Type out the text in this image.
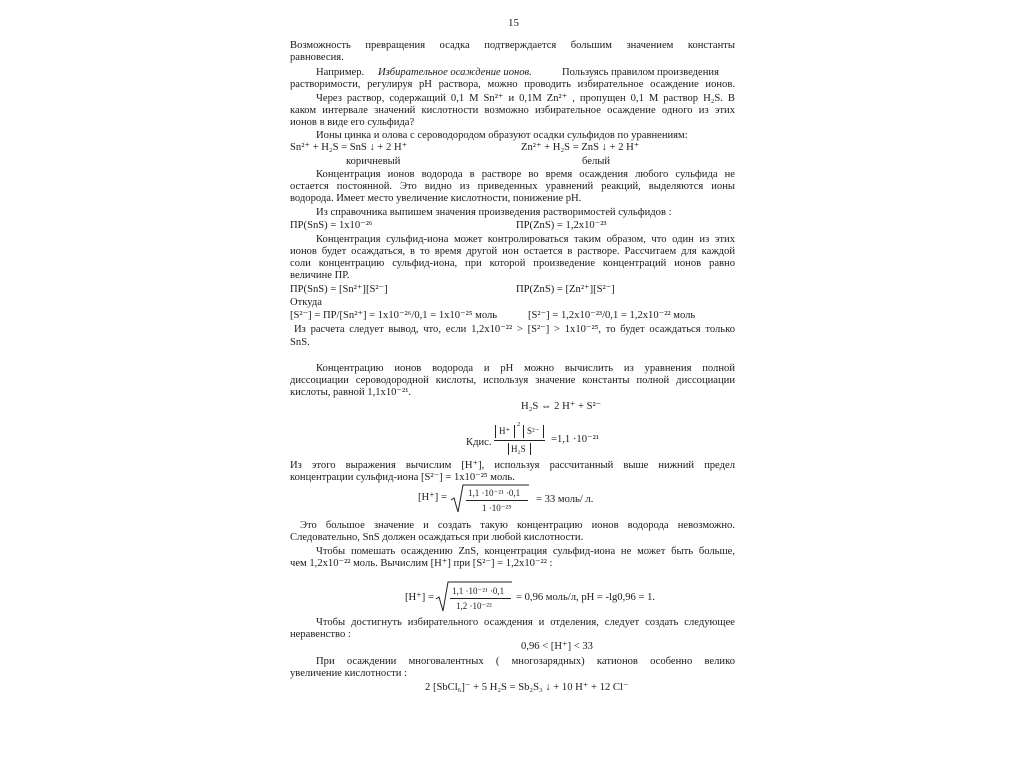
15
Возможность превращения осадка подтверждается большим значением константы
равновесия.
Например. Избирательное осаждение ионов.	Пользуясь правилом произведения
растворимости, регулируя рН раствора, можно проводить избирательное осаждение ионов.
Через раствор, содержащий 0,1 М Sn²⁺ и 0,1М Zn²⁺ , пропущен 0,1 М раствор H₂S. В
каком интервале значений кислотности возможно избирательное осаждение одного из этих
ионов в виде его сульфида?
Ионы цинка и олова с сероводородом образуют осадки сульфидов по уравнениям:
Sn²⁺ + H₂S = SnS ↓ + 2 H⁺	Zn²⁺ + H₂S = ZnS ↓ + 2 H⁺
коричневый	белый
Концентрация ионов водорода в растворе во время осаждения любого сульфида не
остается постоянной. Это видно из приведенных уравнений реакций, выделяются ионы
водорода. Имеет место увеличение кислотности, понижение рН.
Из справочника выпишем значения произведения растворимостей сульфидов :
ПР(SnS) = 1x10⁻²⁶	ПР(ZnS) = 1,2x10⁻²³
Концентрация сульфид-иона может контролироваться таким образом, что один из этих
ионов будет осаждаться, в то время другой ион остается в растворе. Рассчитаем для каждой
соли концентрацию сульфид-иона, при которой произведение концентраций ионов равно
величине ПР.
ПР(SnS) = [Sn²⁺][S²⁻]	ПР(ZnS) = [Zn²⁺][S²⁻]
Откуда
[S²⁻] = ПР/[Sn²⁺] = 1x10⁻²⁶/0,1 = 1x10⁻²⁵ моль	[S²⁻] = 1,2x10⁻²³/0,1 = 1,2x10⁻²² моль
Из расчета следует вывод, что, если 1,2x10⁻²² > [S²⁻] > 1x10⁻²⁵, то будет осаждаться только
SnS.
Концентрацию ионов водорода и рН можно вычислить из уравнения полной
диссоциации сероводородной кислоты, используя значение константы полной диссоциации
кислоты, равной 1,1x10⁻²¹.
H₂S ⇔ 2 H⁺ + S²⁻
Кдис.
H⁺
2
S²⁻
H₂S
=1,1 ·10⁻²¹
Из этого выражения вычислим [H⁺], используя рассчитанный выше нижний предел
концентрации сульфид-иона [S²⁻] = 1x10⁻²⁵ моль.
[H⁺] = 1,1 ·10⁻²¹ ·0,1
1 ·10⁻²⁵
= 33 моль/ л.
Это большое значение и создать такую концентрацию ионов водорода невозможно.
Следовательно, SnS должен осаждаться при любой кислотности.
Чтобы помешать осаждению ZnS, концентрация сульфид-иона не может быть больше,
чем 1,2x10⁻²² моль. Вычислим [H⁺] при [S²⁻] = 1,2x10⁻²² :
[H⁺] =
1,1 ·10⁻²¹ ·0,1
1,2 ·10⁻²²
= 0,96 моль/л, рН = -lg0,96 = 1.
Чтобы достигнуть избирательного осаждения и отделения, следует создать следующее
неравенство :
0,96 < [H⁺] < 33
При осаждении многовалентных ( многозарядных) катионов особенно велико
увеличение кислотности :
2 [SbCl₆]⁻ + 5 H₂S = Sb₂S₃ ↓ + 10 H⁺ + 12 Cl⁻
